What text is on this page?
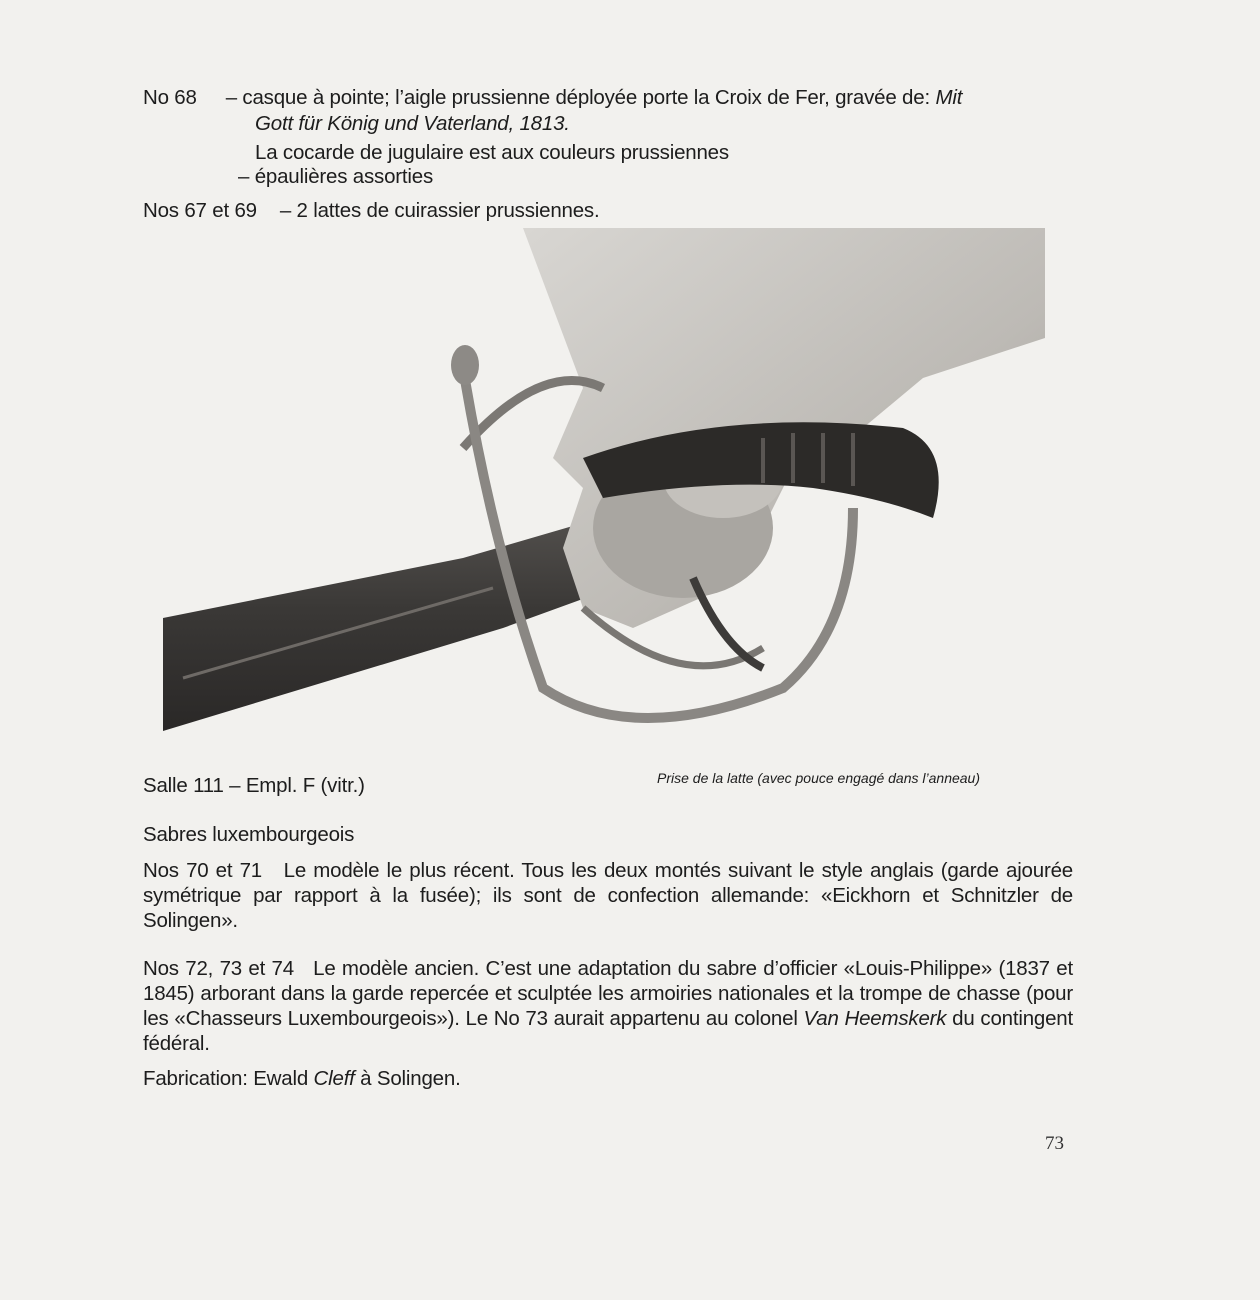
No 68 – casque à pointe; l’aigle prussienne déployée porte la Croix de Fer, gravée de: Mit
Gott für König und Vaterland, 1813.
La cocarde de jugulaire est aux couleurs prussiennes
– épaulières assorties
Nos 67 et 69 – 2 lattes de cuirassier prussiennes.
Salle 111 – Empl. F (vitr.)	Prise de la latte (avec pouce engagé dans l’anneau)
Sabres luxembourgeois
Nos 70 et 71 Le modèle le plus récent. Tous les deux montés suivant le style anglais (garde ajourée symétrique par rapport à la fusée); ils sont de confection allemande: «Eickhorn et Schnitzler de Solingen».
Nos 72, 73 et 74 Le modèle ancien. C’est une adaptation du sabre d’officier «Louis-Philippe» (1837 et 1845) arborant dans la garde repercée et sculptée les armoiries nationales et la trompe de chasse (pour les «Chasseurs Luxembourgeois»). Le No 73 aurait appartenu au colonel Van Heemskerk du contingent fédéral.
Fabrication: Ewald Cleff à Solingen.
73
